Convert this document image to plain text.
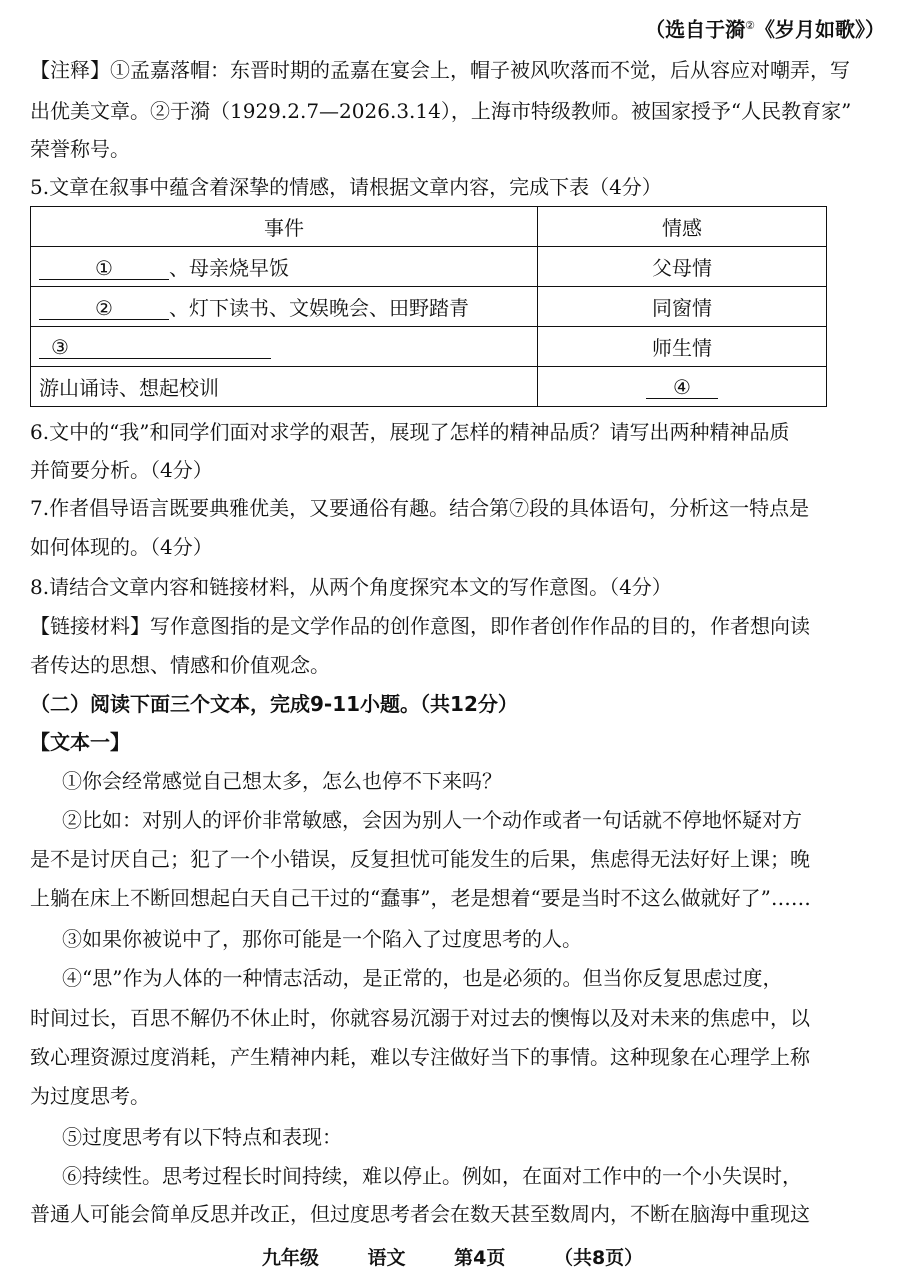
（选自于漪②《岁月如歌》）
【注释】①孟嘉落帽：东晋时期的孟嘉在宴会上，帽子被风吹落而不觉，后从容应对嘲弄，写
出优美文章。②于漪（1929.2.7—2026.3.14），上海市特级教师。被国家授予“人民教育家”
荣誉称号。
5.文章在叙事中蕴含着深挚的情感，请根据文章内容，完成下表（4分）
事件	情感
① 、母亲烧早饭	父母情
② 、灯下读书、文娱晚会、田野踏青	同窗情
③	师生情
游山诵诗、想起校训	④
6.文中的“我”和同学们面对求学的艰苦，展现了怎样的精神品质？请写出两种精神品质
并简要分析。（4分）
7.作者倡导语言既要典雅优美，又要通俗有趣。结合第⑦段的具体语句，分析这一特点是
如何体现的。（4分）
8.请结合文章内容和链接材料，从两个角度探究本文的写作意图。（4分）
【链接材料】写作意图指的是文学作品的创作意图，即作者创作作品的目的，作者想向读
者传达的思想、情感和价值观念。
（二）阅读下面三个文本，完成9-11小题。（共12分）
【文本一】
①你会经常感觉自己想太多，怎么也停不下来吗？
②比如：对别人的评价非常敏感，会因为别人一个动作或者一句话就不停地怀疑对方
是不是讨厌自己；犯了一个小错误，反复担忧可能发生的后果，焦虑得无法好好上课；晚
上躺在床上不断回想起白天自己干过的“蠢事”，老是想着“要是当时不这么做就好了”……
③如果你被说中了，那你可能是一个陷入了过度思考的人。
④“思”作为人体的一种情志活动，是正常的，也是必须的。但当你反复思虑过度，
时间过长，百思不解仍不休止时，你就容易沉溺于对过去的懊悔以及对未来的焦虑中，以
致心理资源过度消耗，产生精神内耗，难以专注做好当下的事情。这种现象在心理学上称
为过度思考。
⑤过度思考有以下特点和表现：
⑥持续性。思考过程长时间持续，难以停止。例如，在面对工作中的一个小失误时，
普通人可能会简单反思并改正，但过度思考者会在数天甚至数周内，不断在脑海中重现这
九年级	语文	第4页	（共8页）
